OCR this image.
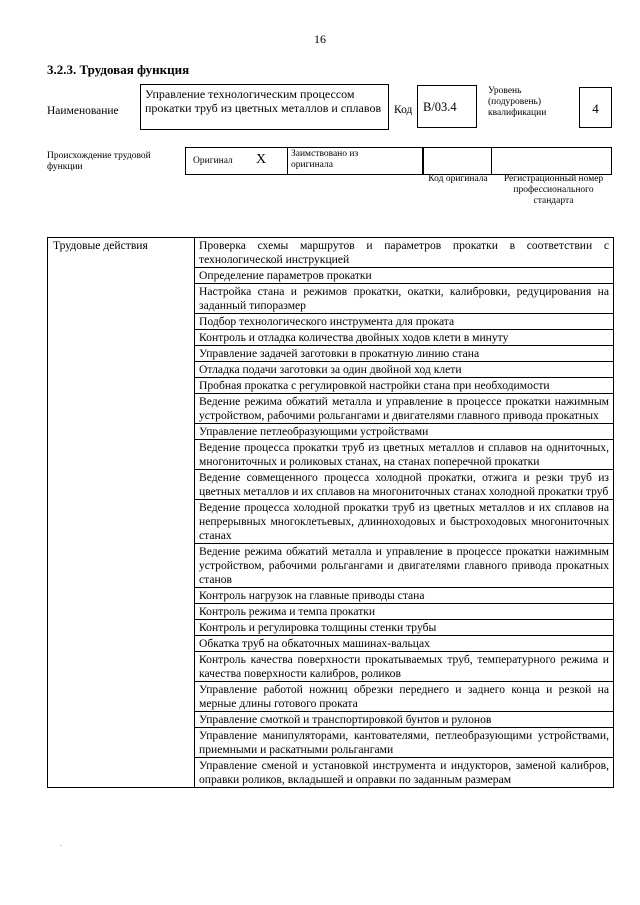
16
3.2.3. Трудовая функция
Наименование
Управление технологическим процессом прокатки труб из цветных металлов и сплавов	Код B/03.4
Уровень (подуровень) квалификации	4
Происхождение трудовой функции
Оригинал X	Заимствовано из оригинала
Код оригинала	Регистрационный номер профессионального стандарта
Трудовые действия	Проверка схемы маршрутов и параметров прокатки в соответствии с технологической инструкцией
Определение параметров прокатки
Настройка стана и режимов прокатки, окатки, калибровки, редуцирования на заданный типоразмер
Подбор технологического инструмента для проката
Контроль и отладка количества двойных ходов клети в минуту
Управление задачей заготовки в прокатную линию стана
Отладка подачи заготовки за один двойной ход клети
Пробная прокатка с регулировкой настройки стана при необходимости
Ведение режима обжатий металла и управление в процессе прокатки нажимным устройством, рабочими рольгангами и двигателями главного привода прокатных
Управление петлеобразующими устройствами
Ведение процесса прокатки труб из цветных металлов и сплавов на одниточных, многониточных и роликовых станах, на станах поперечной прокатки
Ведение совмещенного процесса холодной прокатки, отжига и резки труб из цветных металлов и их сплавов на многониточных станах холодной прокатки труб
Ведение процесса холодной прокатки труб из цветных металлов и их сплавов на непрерывных многоклетьевых, длинноходовых и быстроходовых многониточных станах
Ведение режима обжатий металла и управление в процессе прокатки нажимным устройством, рабочими рольгангами и двигателями главного привода прокатных станов
Контроль нагрузок на главные приводы стана
Контроль режима и темпа прокатки
Контроль и регулировка толщины стенки трубы
Обкатка труб на обкаточных машинах-вальцах
Контроль качества поверхности прокатываемых труб, температурного режима и качества поверхности калибров, роликов
Управление работой ножниц обрезки переднего и заднего конца и резкой на мерные длины готового проката
Управление смоткой и транспортировкой бунтов и рулонов
Управление манипуляторами, кантователями, петлеобразующими устройствами, приемными и раскатными рольгангами
Управление сменой и установкой инструмента и индукторов, заменой калибров, оправки роликов, вкладышей и оправки по заданным размерам
·
